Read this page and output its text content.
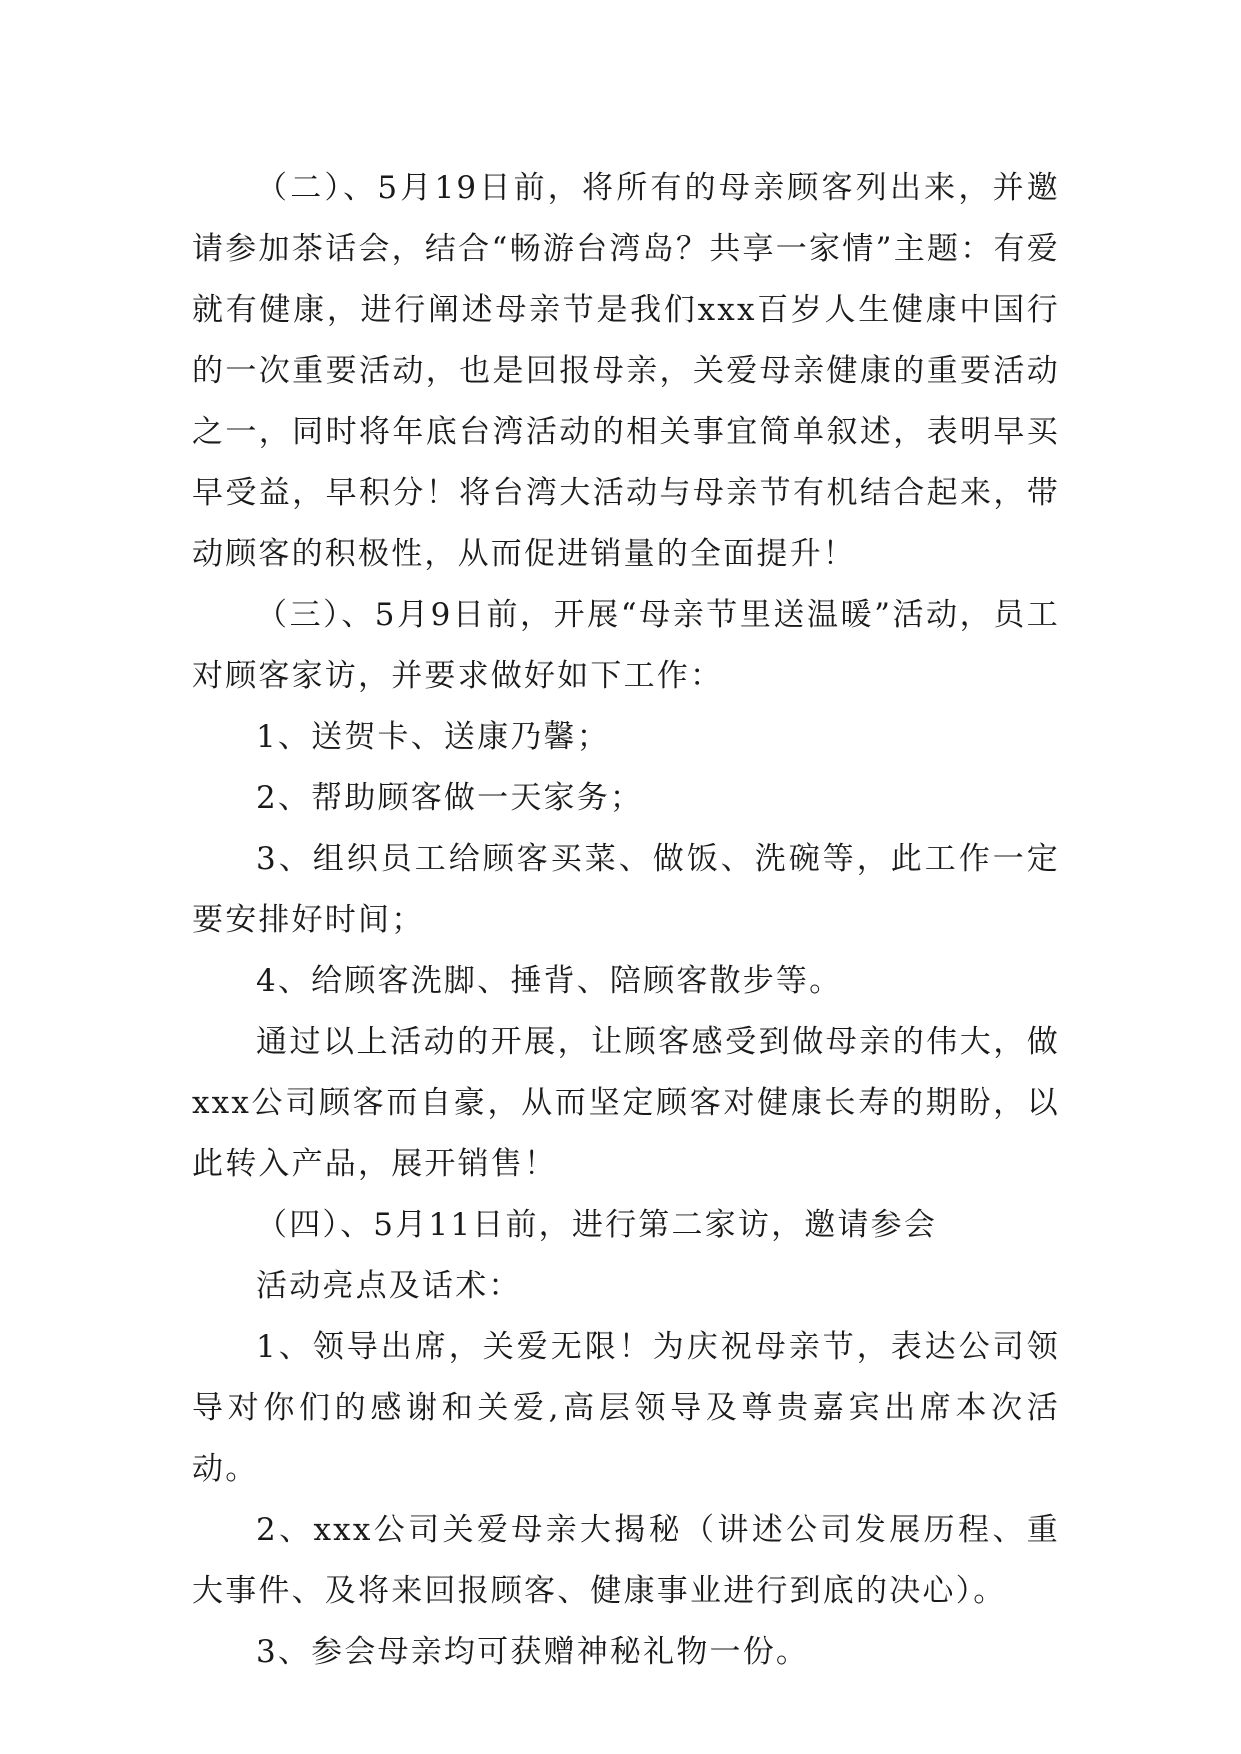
（二）、5月19日前，将所有的母亲顾客列出来，并邀请参加茶话会，结合“畅游台湾岛？共享一家情”主题：有爱就有健康，进行阐述母亲节是我们xxx百岁人生健康中国行的一次重要活动，也是回报母亲，关爱母亲健康的重要活动之一，同时将年底台湾活动的相关事宜简单叙述，表明早买早受益，早积分！将台湾大活动与母亲节有机结合起来，带动顾客的积极性，从而促进销量的全面提升！

（三）、5月9日前，开展“母亲节里送温暖”活动，员工对顾客家访，并要求做好如下工作：

1、送贺卡、送康乃馨；

2、帮助顾客做一天家务；

3、组织员工给顾客买菜、做饭、洗碗等，此工作一定要安排好时间；

4、给顾客洗脚、捶背、陪顾客散步等。

通过以上活动的开展，让顾客感受到做母亲的伟大，做xxx公司顾客而自豪，从而坚定顾客对健康长寿的期盼，以此转入产品，展开销售！

（四）、5月11日前，进行第二家访，邀请参会

活动亮点及话术：

1、领导出席，关爱无限！为庆祝母亲节，表达公司领导对你们的感谢和关爱,高层领导及尊贵嘉宾出席本次活动。

2、xxx公司关爱母亲大揭秘（讲述公司发展历程、重大事件、及将来回报顾客、健康事业进行到底的决心）。

3、参会母亲均可获赠神秘礼物一份。
